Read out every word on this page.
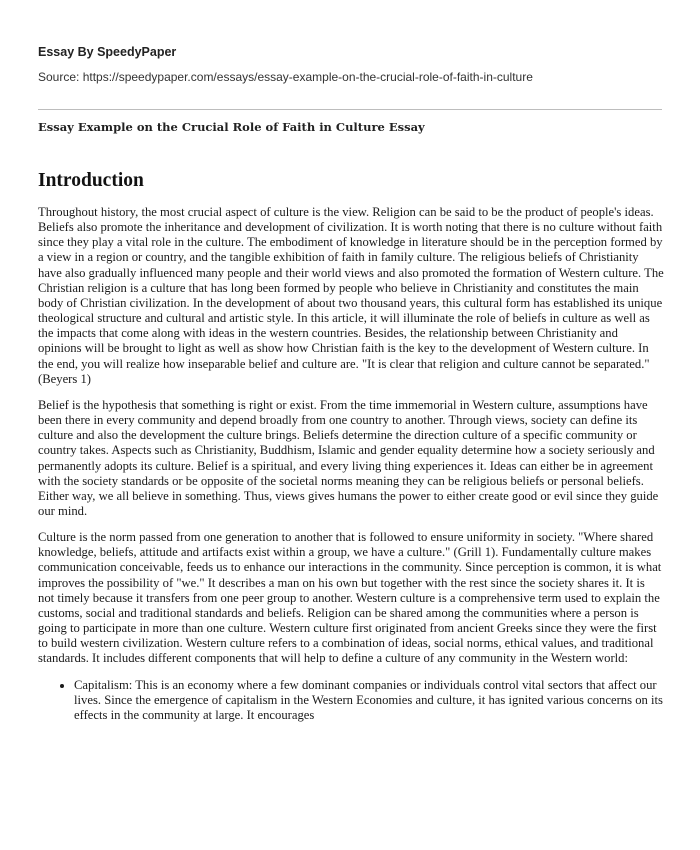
Essay By SpeedyPaper
Source: https://speedypaper.com/essays/essay-example-on-the-crucial-role-of-faith-in-culture
Essay Example on the Crucial Role of Faith in Culture Essay
Introduction

Throughout history, the most crucial aspect of culture is the view. Religion can be said to be the product of people's ideas. Beliefs also promote the inheritance and development of civilization. It is worth noting that there is no culture without faith since they play a vital role in the culture. The embodiment of knowledge in literature should be in the perception formed by a view in a region or country, and the tangible exhibition of faith in family culture. The religious beliefs of Christianity have also gradually influenced many people and their world views and also promoted the formation of Western culture. The Christian religion is a culture that has long been formed by people who believe in Christianity and constitutes the main body of Christian civilization. In the development of about two thousand years, this cultural form has established its unique theological structure and cultural and artistic style. In this article, it will illuminate the role of beliefs in culture as well as the impacts that come along with ideas in the western countries. Besides, the relationship between Christianity and opinions will be brought to light as well as show how Christian faith is the key to the development of Western culture. In the end, you will realize how inseparable belief and culture are. "It is clear that religion and culture cannot be separated." (Beyers 1)

Belief is the hypothesis that something is right or exist. From the time immemorial in Western culture, assumptions have been there in every community and depend broadly from one country to another. Through views, society can define its culture and also the development the culture brings. Beliefs determine the direction culture of a specific community or country takes. Aspects such as Christianity, Buddhism, Islamic and gender equality determine how a society seriously and permanently adopts its culture. Belief is a spiritual, and every living thing experiences it. Ideas can either be in agreement with the society standards or be opposite of the societal norms meaning they can be religious beliefs or personal beliefs. Either way, we all believe in something. Thus, views gives humans the power to either create good or evil since they guide our mind.

Culture is the norm passed from one generation to another that is followed to ensure uniformity in society. "Where shared knowledge, beliefs, attitude and artifacts exist within a group, we have a culture." (Grill 1). Fundamentally culture makes communication conceivable, feeds us to enhance our interactions in the community. Since perception is common, it is what improves the possibility of "we." It describes a man on his own but together with the rest since the society shares it. It is not timely because it transfers from one peer group to another. Western culture is a comprehensive term used to explain the customs, social and traditional standards and beliefs. Religion can be shared among the communities where a person is going to participate in more than one culture. Western culture first originated from ancient Greeks since they were the first to build western civilization. Western culture refers to a combination of ideas, social norms, ethical values, and traditional standards. It includes different components that will help to define a culture of any community in the Western world:

• Capitalism: This is an economy where a few dominant companies or individuals control vital sectors that affect our lives. Since the emergence of capitalism in the Western Economies and culture, it has ignited various concerns on its effects in the community at large. It encourages
